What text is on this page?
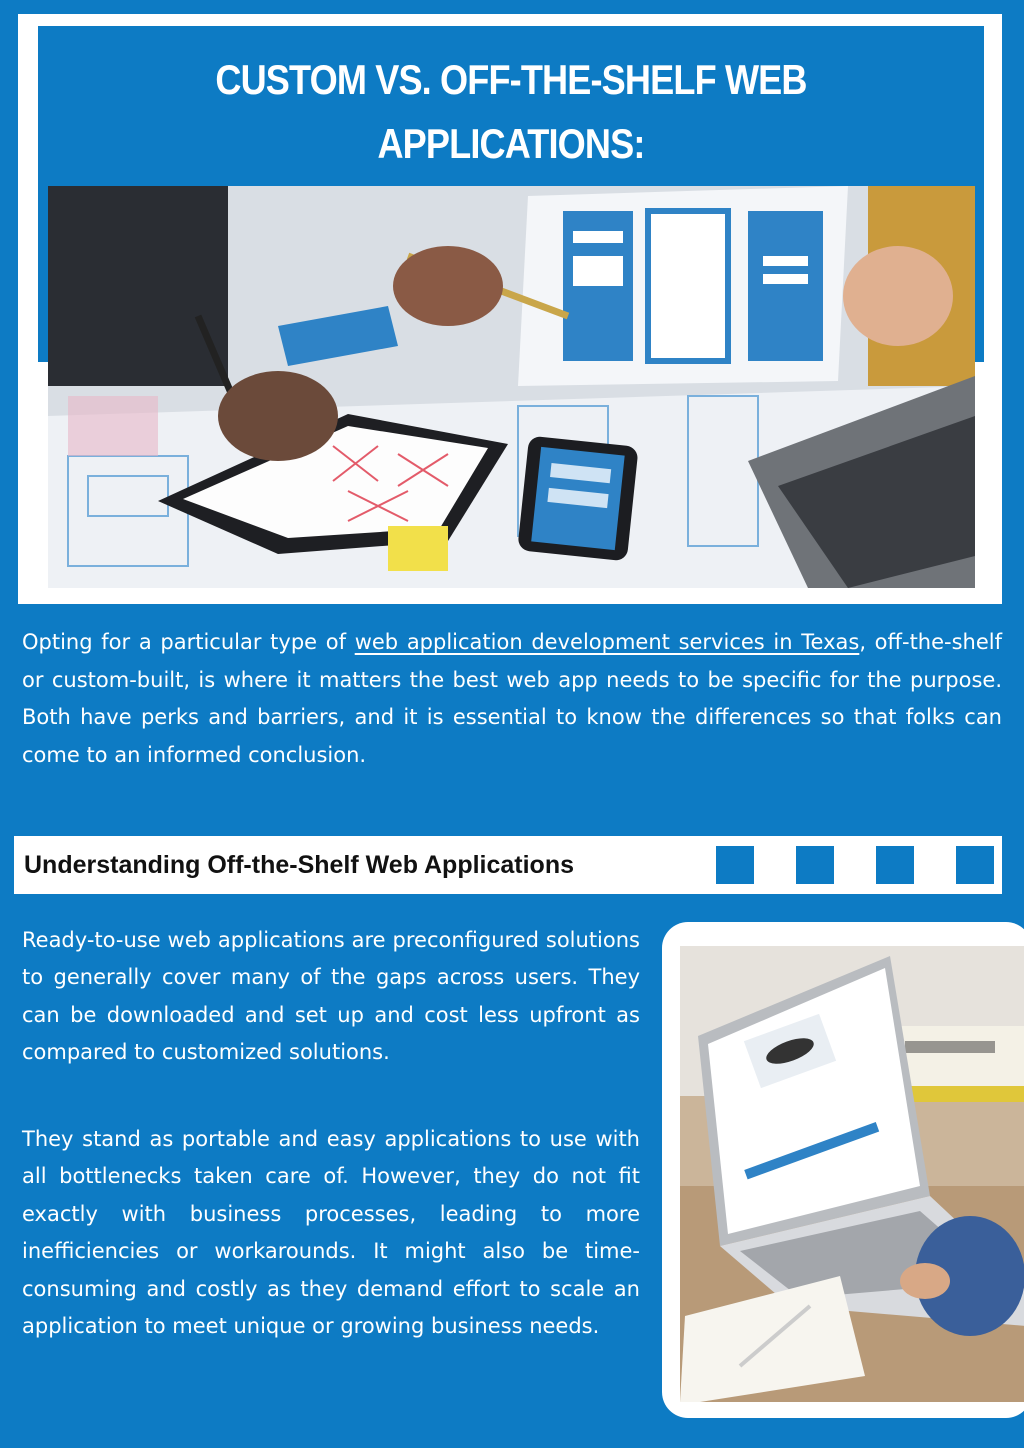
CUSTOM VS. OFF-THE-SHELF WEB APPLICATIONS:

Opting for a particular type of web application development services in Texas, off-the-shelf or custom-built, is where it matters the best web app needs to be specific for the purpose. Both have perks and barriers, and it is essential to know the differences so that folks can come to an informed conclusion.

Understanding Off-the-Shelf Web Applications

Ready-to-use web applications are preconfigured solutions to generally cover many of the gaps across users. They can be downloaded and set up and cost less upfront as compared to customized solutions.

They stand as portable and easy applications to use with all bottlenecks taken care of. However, they do not fit exactly with business processes, leading to more inefficiencies or workarounds. It might also be time-consuming and costly as they demand effort to scale an application to meet unique or growing business needs.
